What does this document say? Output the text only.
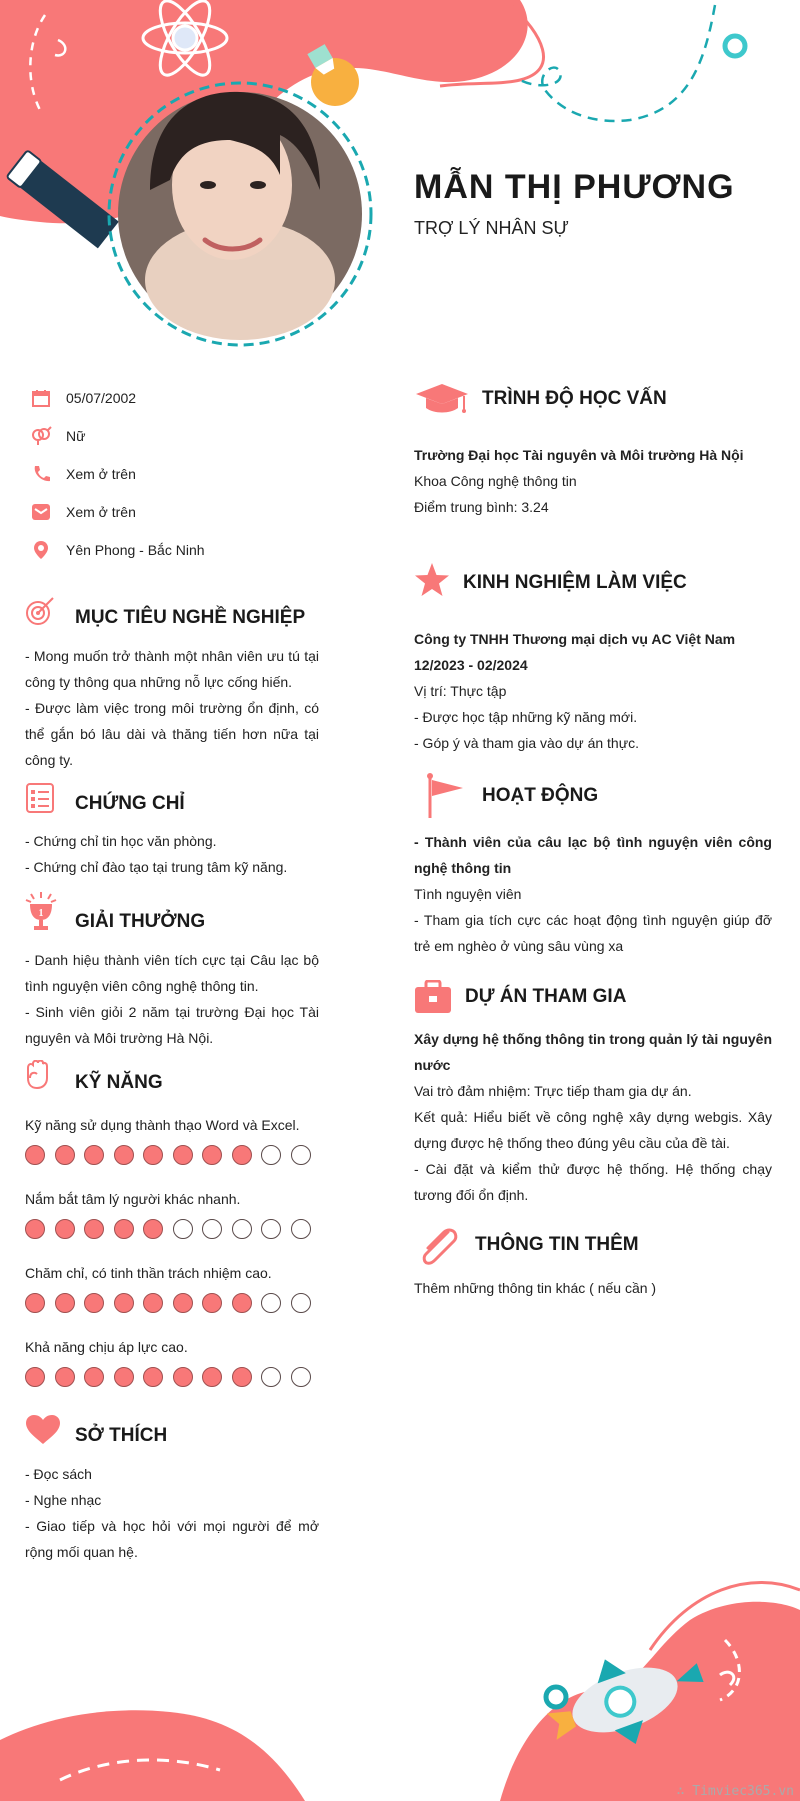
MẪN THỊ PHƯƠNG
TRỢ LÝ NHÂN SỰ
05/07/2002
Nữ
Xem ở trên
Xem ở trên
Yên Phong - Bắc Ninh
MỤC TIÊU NGHỀ NGHIỆP
- Mong muốn trở thành một nhân viên ưu tú tại công ty thông qua những nỗ lực cống hiến.
- Được làm việc trong môi trường ổn định, có thể gắn bó lâu dài và thăng tiến hơn nữa tại công ty.
CHỨNG CHỈ
- Chứng chỉ tin học văn phòng.
- Chứng chỉ đào tạo tại trung tâm kỹ năng.
1 GIẢI THƯỞNG
- Danh hiệu thành viên tích cực tại Câu lạc bộ tình nguyện viên công nghệ thông tin.
- Sinh viên giỏi 2 năm tại trường Đại học Tài nguyên và Môi trường Hà Nội.
KỸ NĂNG
Kỹ năng sử dụng thành thạo Word và Excel.
Nắm bắt tâm lý người khác nhanh.
Chăm chỉ, có tinh thần trách nhiệm cao.
Khả năng chịu áp lực cao.
SỞ THÍCH
- Đọc sách
- Nghe nhạc
- Giao tiếp và học hỏi với mọi người để mở rộng mối quan hệ.
TRÌNH ĐỘ HỌC VẤN
Trường Đại học Tài nguyên và Môi trường Hà Nội
Khoa Công nghệ thông tin
Điểm trung bình: 3.24
KINH NGHIỆM LÀM VIỆC
Công ty TNHH Thương mại dịch vụ AC Việt Nam
12/2023 - 02/2024
Vị trí: Thực tập
- Được học tập những kỹ năng mới.
- Góp ý và tham gia vào dự án thực.
HOẠT ĐỘNG
- Thành viên của câu lạc bộ tình nguyện viên công nghệ thông tin
Tình nguyện viên
- Tham gia tích cực các hoạt động tình nguyện giúp đỡ trẻ em nghèo ở vùng sâu vùng xa
DỰ ÁN THAM GIA
Xây dựng hệ thống thông tin trong quản lý tài nguyên nước
Vai trò đảm nhiệm: Trực tiếp tham gia dự án.
Kết quả: Hiểu biết về công nghệ xây dựng webgis. Xây dựng được hệ thống theo đúng yêu cầu của đề tài.
- Cài đặt và kiểm thử được hệ thống. Hệ thống chạy tương đối ổn định.
THÔNG TIN THÊM
Thêm những thông tin khác ( nếu cần )
∴ Timviec365.vn
